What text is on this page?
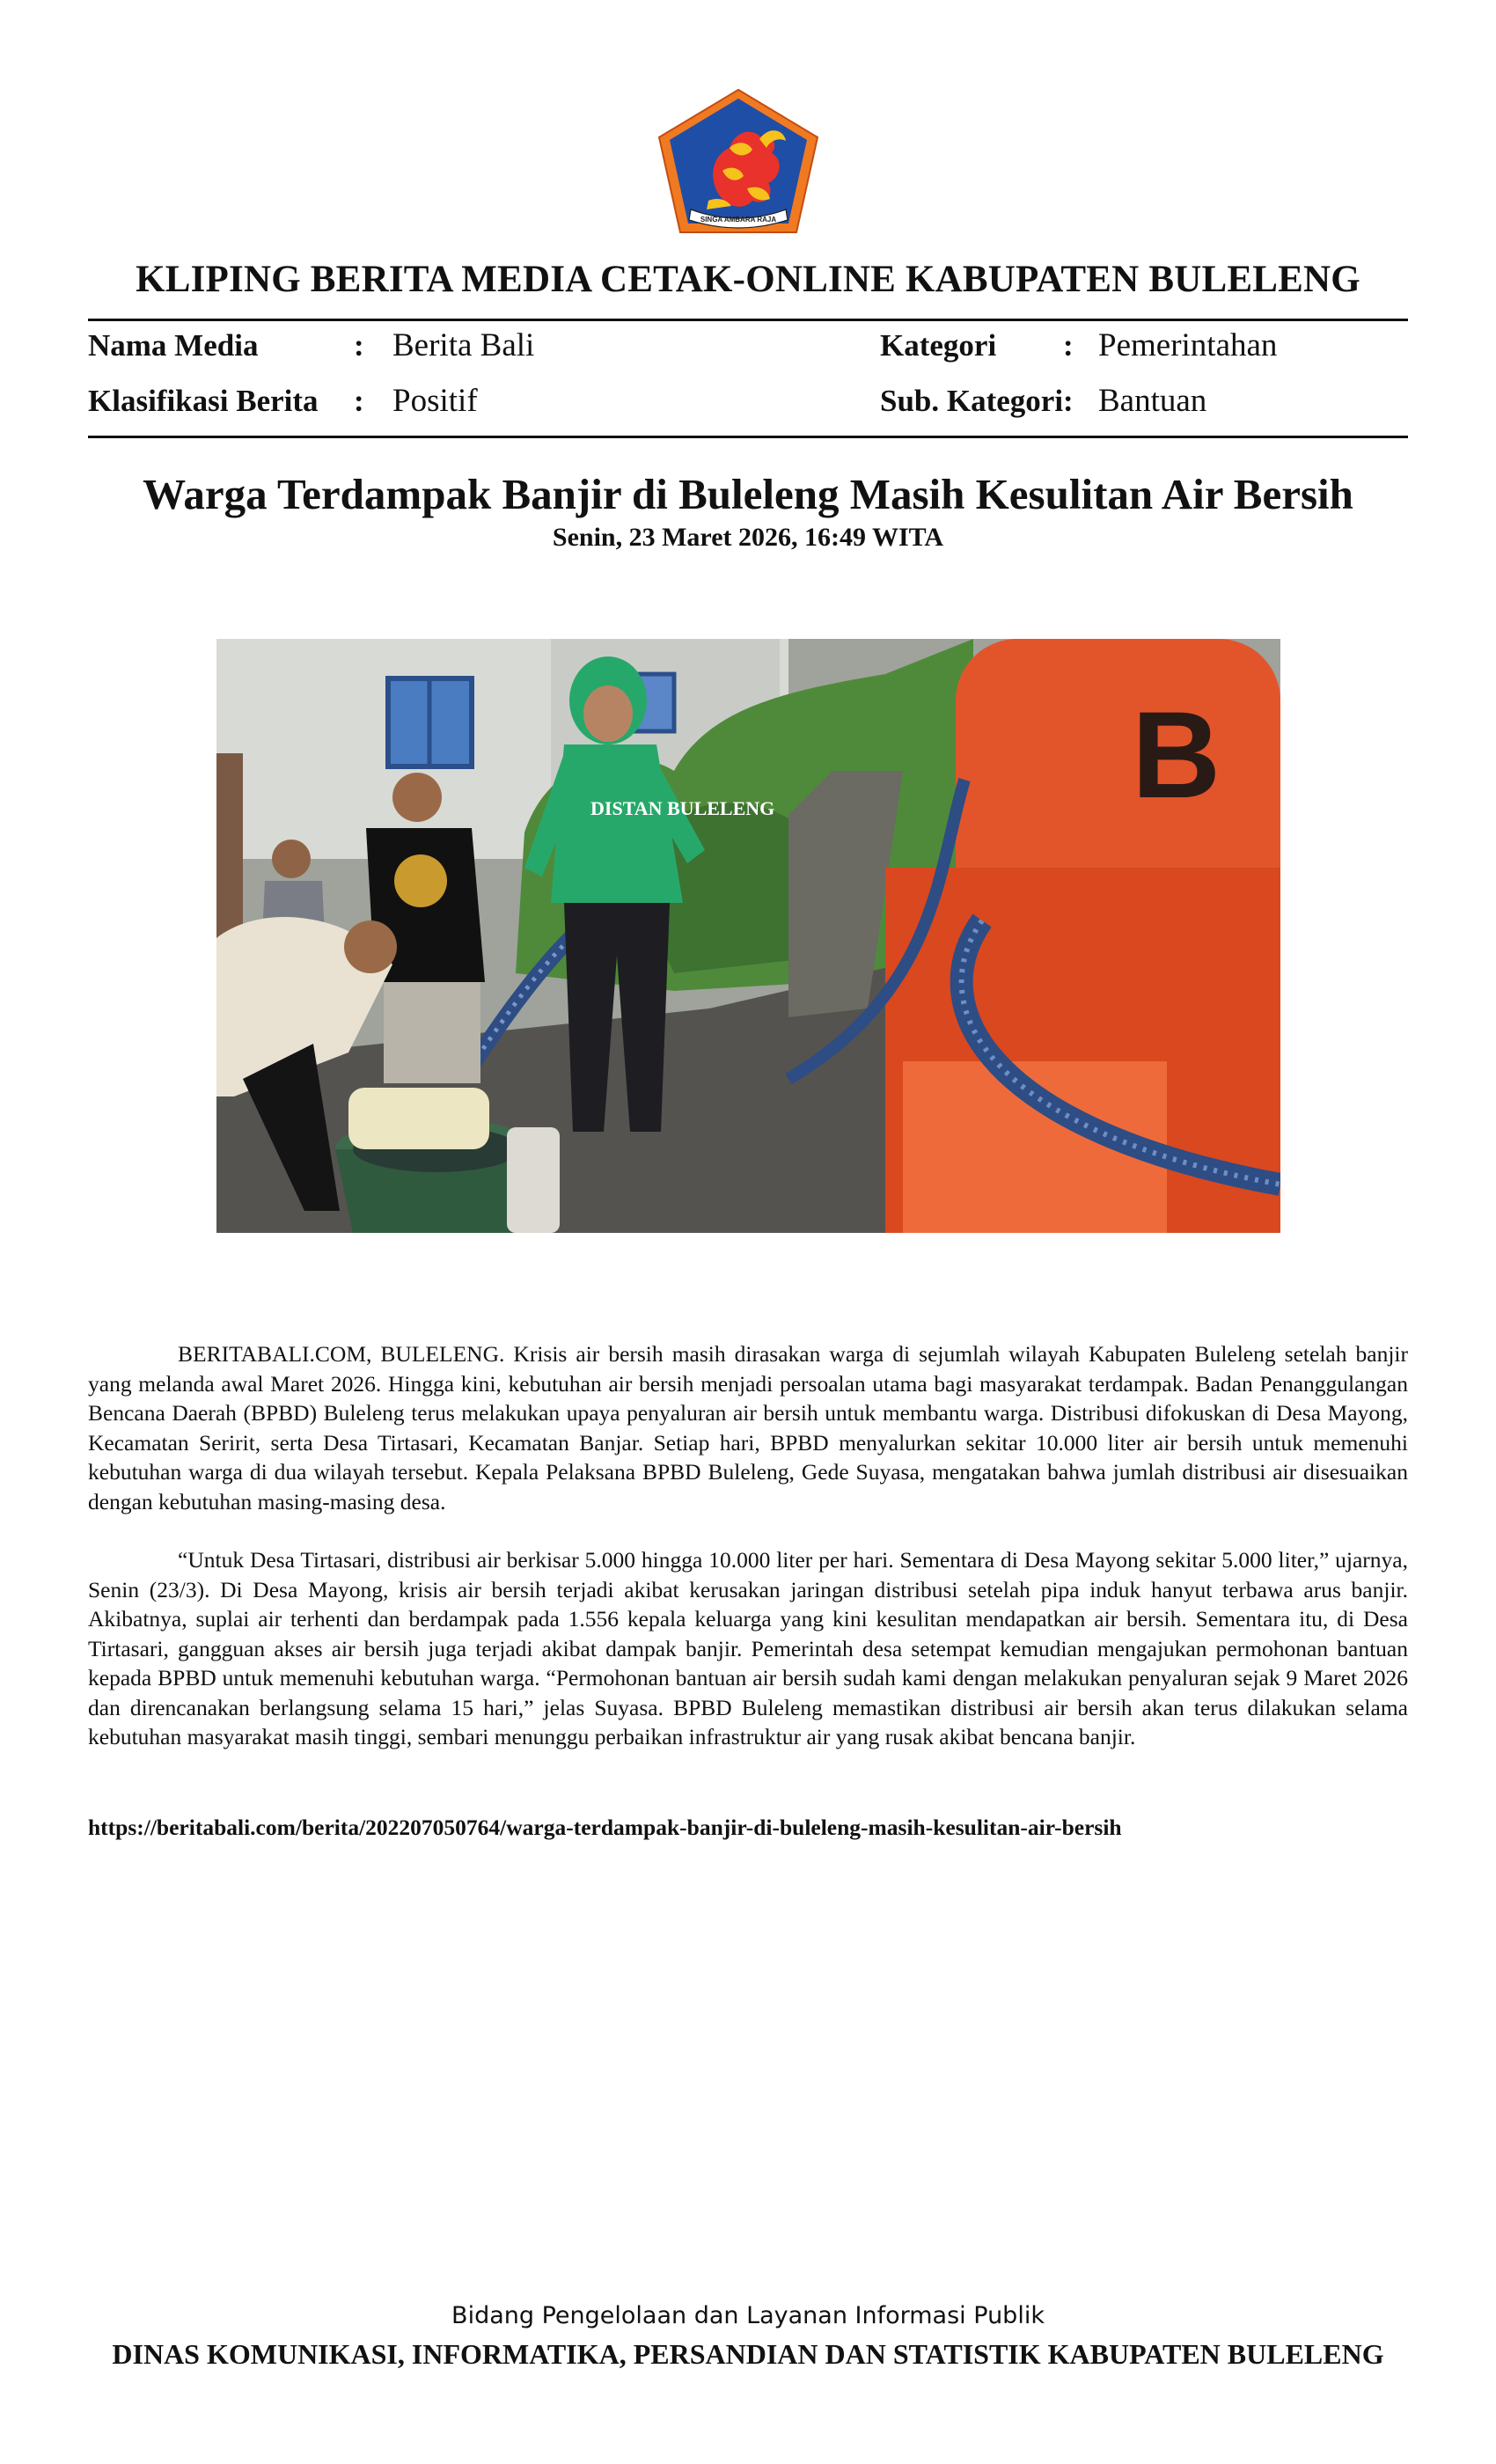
SINGA AMBARA RAJA
KLIPING BERITA MEDIA CETAK-ONLINE KABUPATEN BULELENG
Nama Media	: Berita Bali
Klasifikasi Berita : Positif
Kategori : Pemerintahan
Sub. Kategori : Bantuan
Warga Terdampak Banjir di Buleleng Masih Kesulitan Air Bersih
Senin, 23 Maret 2026, 16:49 WITA
B
DISTAN BULELENG

BERITABALI.COM, BULELENG. Krisis air bersih masih dirasakan warga di sejumlah wilayah Kabupaten Buleleng setelah banjir yang melanda awal Maret 2026. Hingga kini, kebutuhan air bersih menjadi persoalan utama bagi masyarakat terdampak. Badan Penanggulangan Bencana Daerah (BPBD) Buleleng terus melakukan upaya penyaluran air bersih untuk membantu warga. Distribusi difokuskan di Desa Mayong, Kecamatan Seririt, serta Desa Tirtasari, Kecamatan Banjar. Setiap hari, BPBD menyalurkan sekitar 10.000 liter air bersih untuk memenuhi kebutuhan warga di dua wilayah tersebut. Kepala Pelaksana BPBD Buleleng, Gede Suyasa, mengatakan bahwa jumlah distribusi air disesuaikan dengan kebutuhan masing-masing desa.

“Untuk Desa Tirtasari, distribusi air berkisar 5.000 hingga 10.000 liter per hari. Sementara di Desa Mayong sekitar 5.000 liter,” ujarnya, Senin (23/3). Di Desa Mayong, krisis air bersih terjadi akibat kerusakan jaringan distribusi setelah pipa induk hanyut terbawa arus banjir. Akibatnya, suplai air terhenti dan berdampak pada 1.556 kepala keluarga yang kini kesulitan mendapatkan air bersih. Sementara itu, di Desa Tirtasari, gangguan akses air bersih juga terjadi akibat dampak banjir. Pemerintah desa setempat kemudian mengajukan permohonan bantuan kepada BPBD untuk memenuhi kebutuhan warga. “Permohonan bantuan air bersih sudah kami dengan melakukan penyaluran sejak 9 Maret 2026 dan direncanakan berlangsung selama 15 hari,” jelas Suyasa. BPBD Buleleng memastikan distribusi air bersih akan terus dilakukan selama kebutuhan masyarakat masih tinggi, sembari menunggu perbaikan infrastruktur air yang rusak akibat bencana banjir.

https://beritabali.com/berita/202207050764/warga-terdampak-banjir-di-buleleng-masih-kesulitan-air-bersih
Bidang Pengelolaan dan Layanan Informasi Publik
DINAS KOMUNIKASI, INFORMATIKA, PERSANDIAN DAN STATISTIK KABUPATEN BULELENG
